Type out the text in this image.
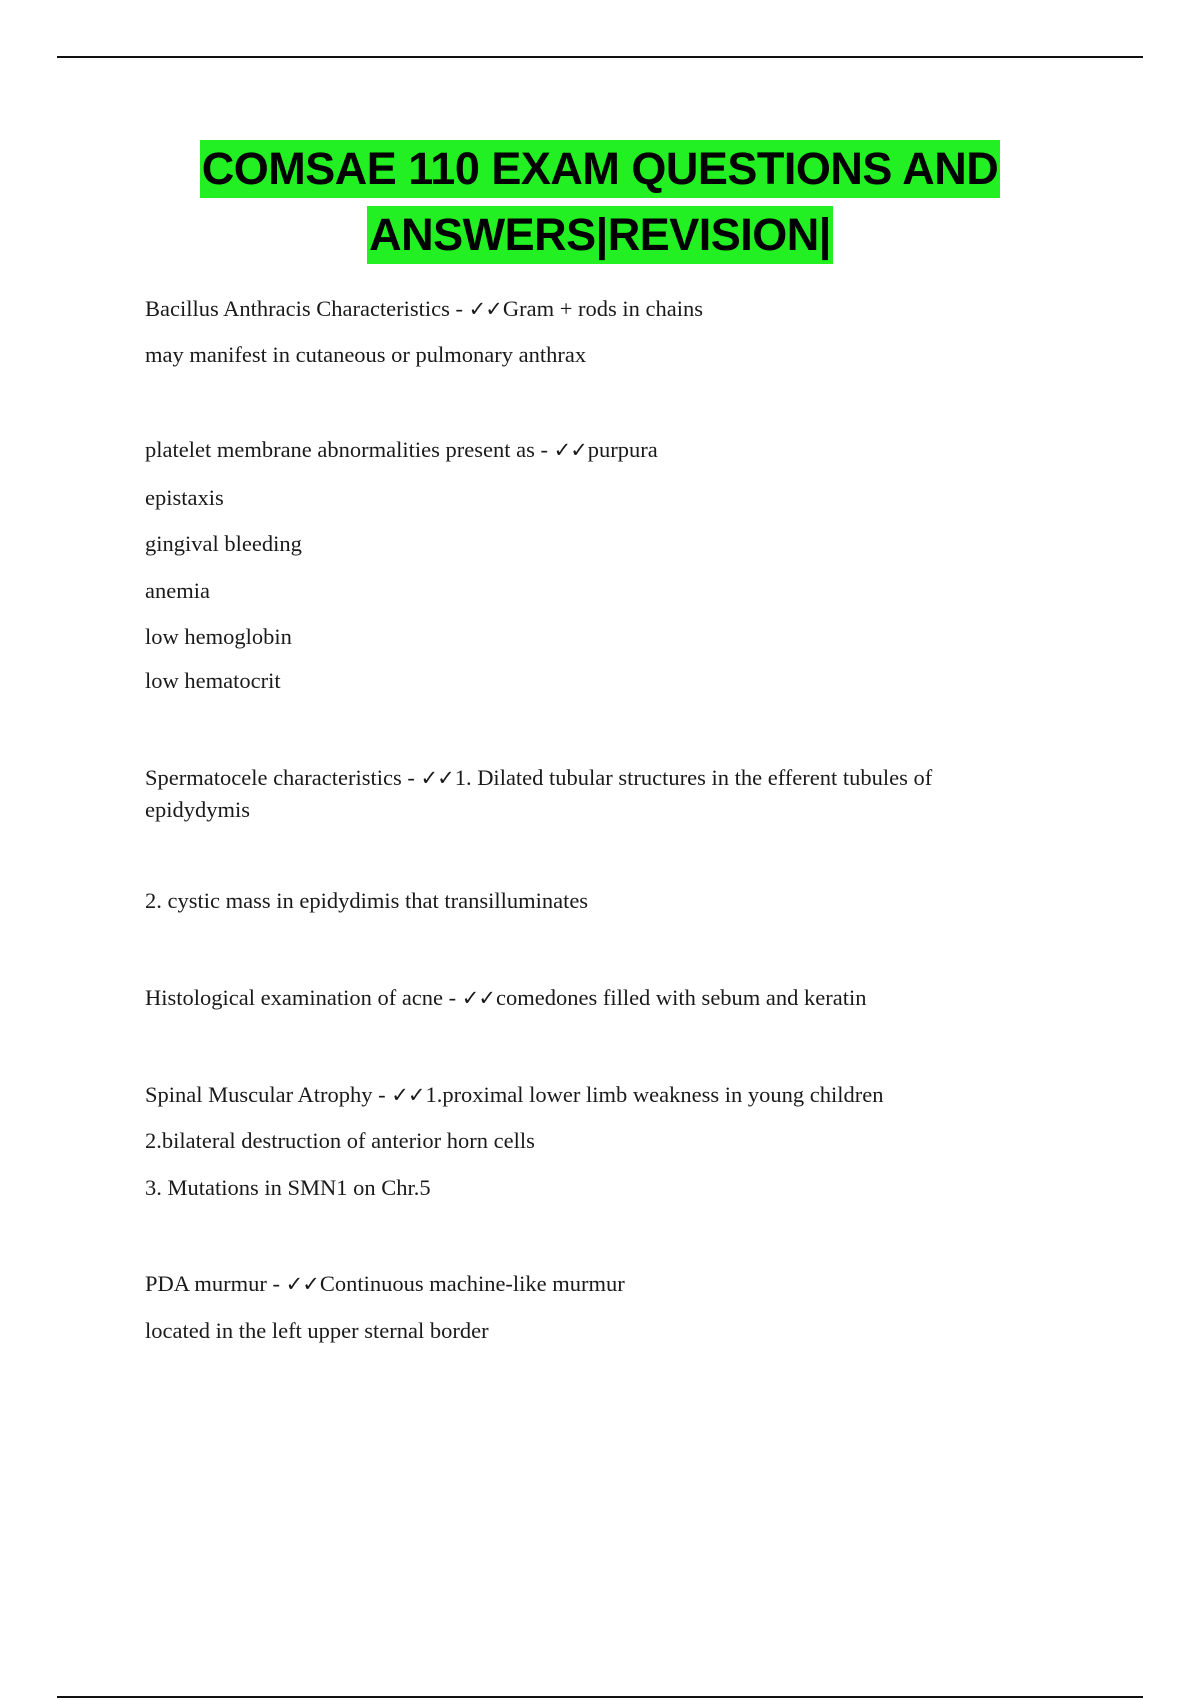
COMSAE 110 EXAM QUESTIONS AND
ANSWERS|REVISION|
Bacillus Anthracis Characteristics - ✓✓Gram + rods in chains
may manifest in cutaneous or pulmonary anthrax
platelet membrane abnormalities present as - ✓✓purpura
epistaxis
gingival bleeding
anemia
low hemoglobin
low hematocrit
Spermatocele characteristics - ✓✓1. Dilated tubular structures in the efferent tubules of epidydymis
2. cystic mass in epidydimis that transilluminates
Histological examination of acne - ✓✓comedones filled with sebum and keratin
Spinal Muscular Atrophy - ✓✓1.proximal lower limb weakness in young children
2.bilateral destruction of anterior horn cells
3. Mutations in SMN1 on Chr.5
PDA murmur - ✓✓Continuous machine-like murmur
located in the left upper sternal border
